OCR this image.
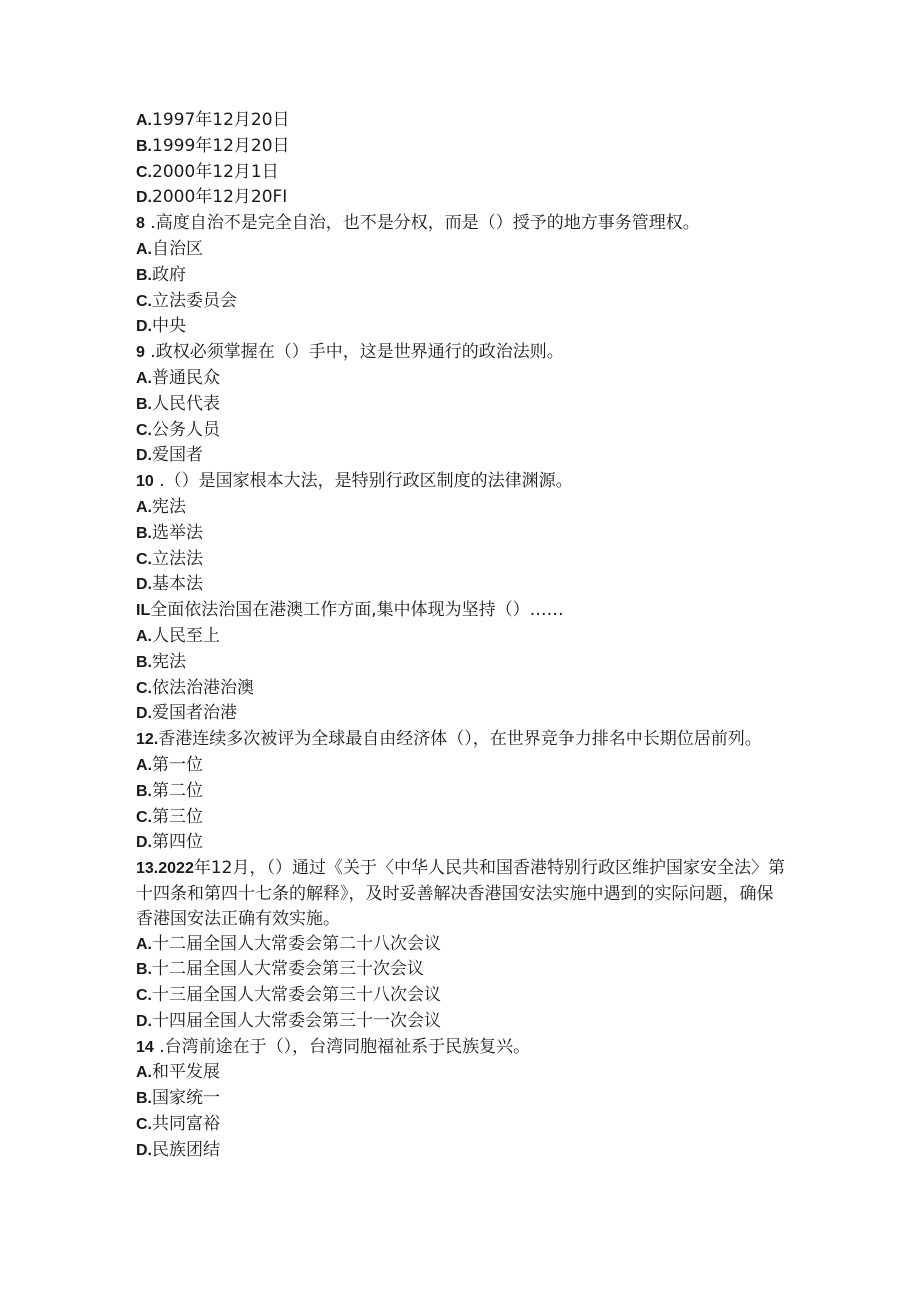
A.1997年12月20日
B.1999年12月20日
C.2000年12月1日
D.2000年12月20FI
8 .高度自治不是完全自治，也不是分权，而是（）授予的地方事务管理权。
A.自治区
B.政府
C.立法委员会
D.中央
9 .政权必须掌握在（）手中，这是世界通行的政治法则。
A.普通民众
B.人民代表
C.公务人员
D.爱国者
10 .（）是国家根本大法，是特别行政区制度的法律渊源。
A.宪法
B.选举法
C.立法法
D.基本法
IL全面依法治国在港澳工作方面,集中体现为坚持（）……
A.人民至上
B.宪法
C.依法治港治澳
D.爱国者治港
12.香港连续多次被评为全球最自由经济体（），在世界竞争力排名中长期位居前列。
A.第一位
B.第二位
C.第三位
D.第四位
13.2022年12月，（）通过《关于〈中华人民共和国香港特别行政区维护国家安全法〉第十四条和第四十七条的解释》，及时妥善解决香港国安法实施中遇到的实际问题，确保香港国安法正确有效实施。
A.十二届全国人大常委会第二十八次会议
B.十二届全国人大常委会第三十次会议
C.十三届全国人大常委会第三十八次会议
D.十四届全国人大常委会第三十一次会议
14 .台湾前途在于（），台湾同胞福祉系于民族复兴。
A.和平发展
B.国家统一
C.共同富裕
D.民族团结
